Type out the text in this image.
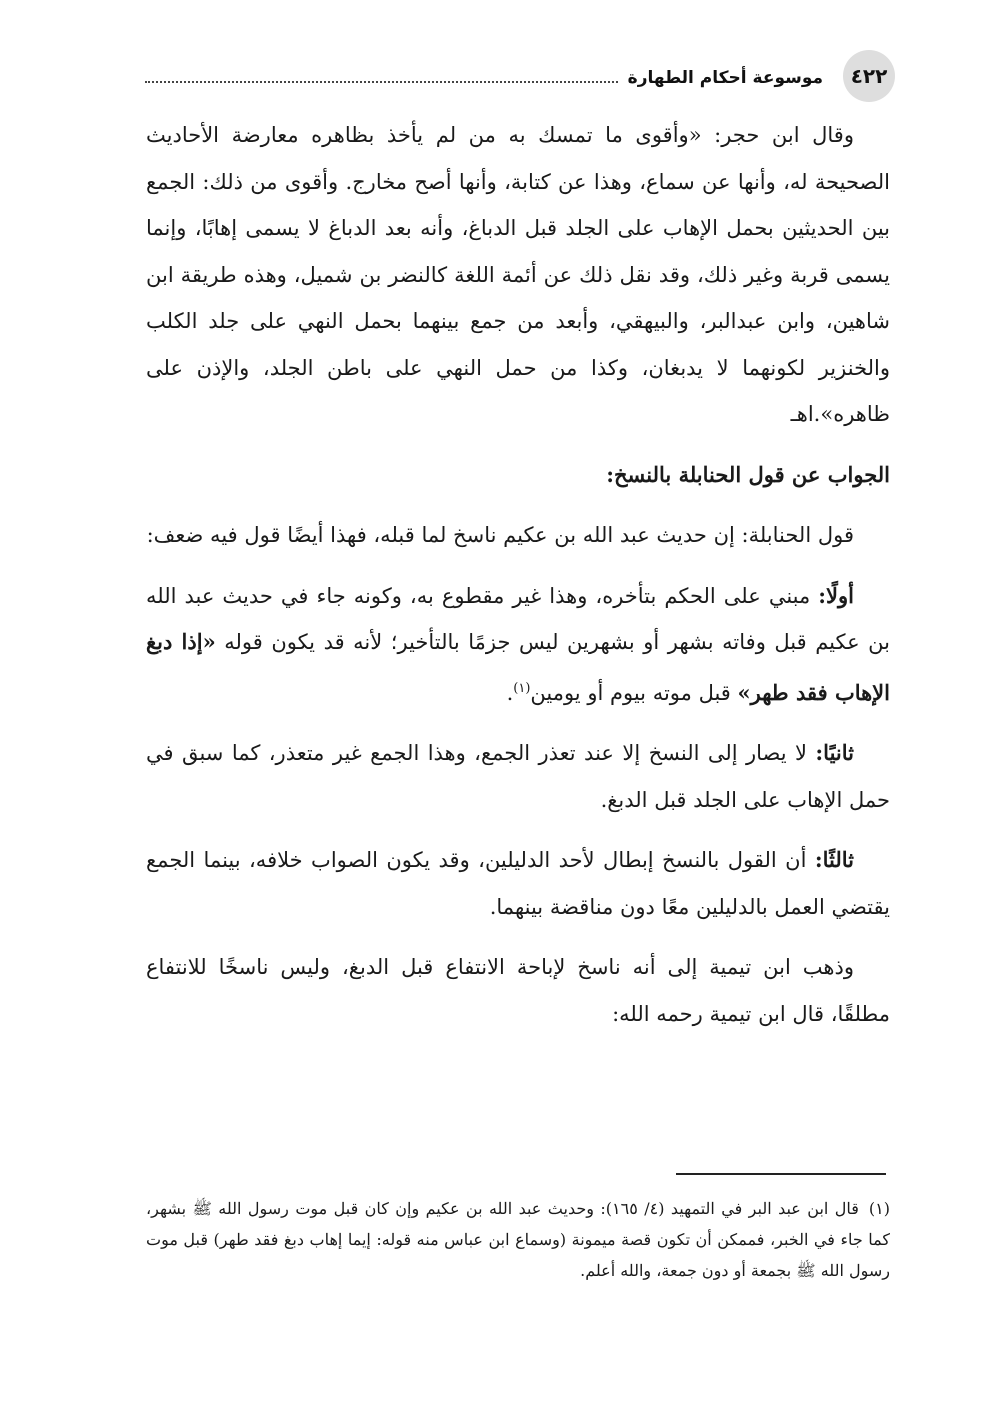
٤٢٢
موسوعة أحكام الطهارة

وقال ابن حجر: «وأقوى ما تمسك به من لم يأخذ بظاهره معارضة الأحاديث الصحيحة له، وأنها عن سماع، وهذا عن كتابة، وأنها أصح مخارج. وأقوى من ذلك: الجمع بين الحديثين بحمل الإهاب على الجلد قبل الدباغ، وأنه بعد الدباغ لا يسمى إهابًا، وإنما يسمى قربة وغير ذلك، وقد نقل ذلك عن أئمة اللغة كالنضر بن شميل، وهذه طريقة ابن شاهين، وابن عبدالبر، والبيهقي، وأبعد من جمع بينهما بحمل النهي على جلد الكلب والخنزير لكونهما لا يدبغان، وكذا من حمل النهي على باطن الجلد، والإذن على ظاهره».اهـ

الجواب عن قول الحنابلة بالنسخ:

قول الحنابلة: إن حديث عبد الله بن عكيم ناسخ لما قبله، فهذا أيضًا قول فيه ضعف:

أولًا: مبني على الحكم بتأخره، وهذا غير مقطوع به، وكونه جاء في حديث عبد الله بن عكيم قبل وفاته بشهر أو بشهرين ليس جزمًا بالتأخير؛ لأنه قد يكون قوله «إذا دبغ الإهاب فقد طهر» قبل موته بيوم أو يومين$^{(١)}$.

ثانيًا: لا يصار إلى النسخ إلا عند تعذر الجمع، وهذا الجمع غير متعذر، كما سبق في حمل الإهاب على الجلد قبل الدبغ.

ثالثًا: أن القول بالنسخ إبطال لأحد الدليلين، وقد يكون الصواب خلافه، بينما الجمع يقتضي العمل بالدليلين معًا دون مناقضة بينهما.

وذهب ابن تيمية إلى أنه ناسخ لإباحة الانتفاع قبل الدبغ، وليس ناسخًا للانتفاع مطلقًا، قال ابن تيمية رحمه الله:

(١)قال ابن عبد البر في التمهيد (٤/ ١٦٥): وحديث عبد الله بن عكيم وإن كان قبل موت رسول الله ﷺ بشهر، كما جاء في الخبر، فممكن أن تكون قصة ميمونة (وسماع ابن عباس منه قوله: إيما إهاب دبغ فقد طهر) قبل موت رسول الله ﷺ بجمعة أو دون جمعة، والله أعلم.
